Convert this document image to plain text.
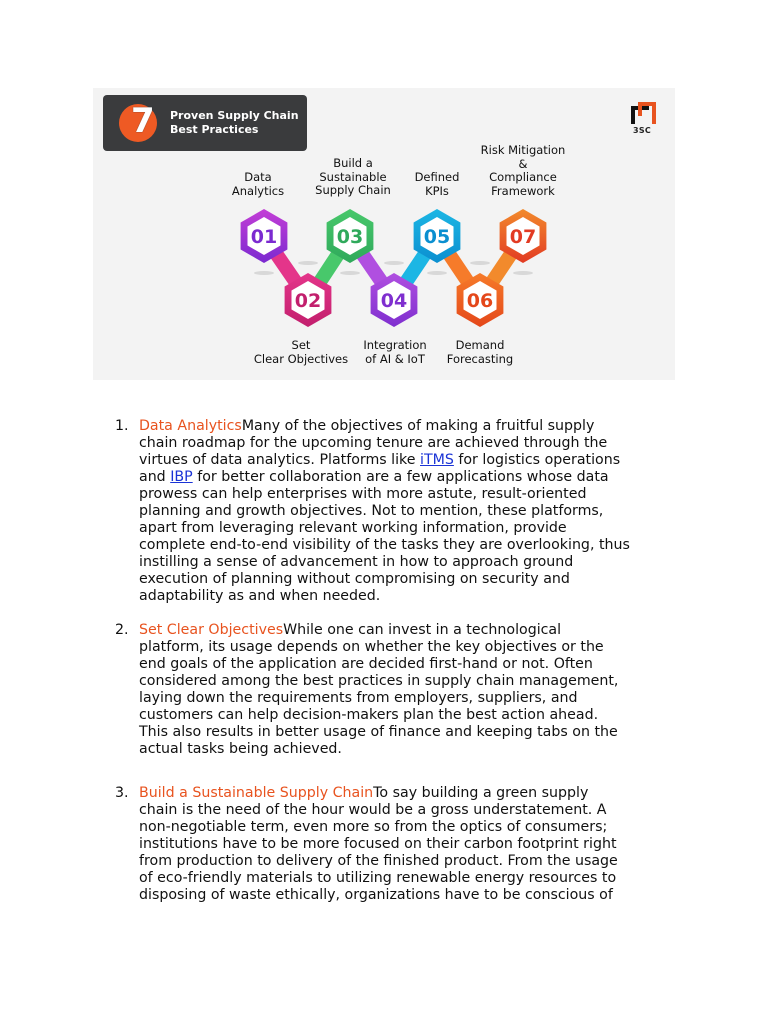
7 Proven Supply Chain
Best Practices	3SC
Data
Analytics
Build a
Sustainable
Supply Chain
Defined
KPIs
Risk Mitigation
&
Compliance
Framework
Set
Clear Objectives
Integration
of AI & IoT
Demand
Forecasting
01
02
03
04
05
06
07
1. Data AnalyticsMany of the objectives of making a fruitful supply
chain roadmap for the upcoming tenure are achieved through the
virtues of data analytics. Platforms like iTMS for logistics operations
and IBP for better collaboration are a few applications whose data
prowess can help enterprises with more astute, result-oriented
planning and growth objectives. Not to mention, these platforms,
apart from leveraging relevant working information, provide
complete end-to-end visibility of the tasks they are overlooking, thus
instilling a sense of advancement in how to approach ground
execution of planning without compromising on security and
adaptability as and when needed.
2. Set Clear ObjectivesWhile one can invest in a technological
platform, its usage depends on whether the key objectives or the
end goals of the application are decided first-hand or not. Often
considered among the best practices in supply chain management,
laying down the requirements from employers, suppliers, and
customers can help decision-makers plan the best action ahead.
This also results in better usage of finance and keeping tabs on the
actual tasks being achieved.
3. Build a Sustainable Supply ChainTo say building a green supply
chain is the need of the hour would be a gross understatement. A
non-negotiable term, even more so from the optics of consumers;
institutions have to be more focused on their carbon footprint right
from production to delivery of the finished product. From the usage
of eco-friendly materials to utilizing renewable energy resources to
disposing of waste ethically, organizations have to be conscious of
